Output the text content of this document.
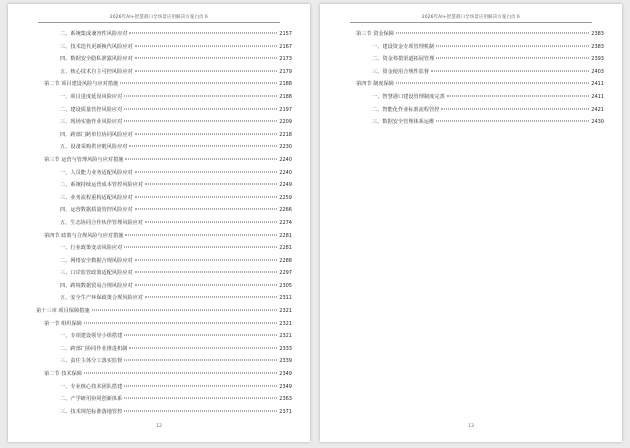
2026年AI+智慧港口全场景应用解决方案白皮书
二、系统集成兼容性风险应对	2157
三、技术迭代更新换代风险应对	2167
四、数据安全隐私泄露风险应对	2173
五、核心技术自主可控风险应对	2179
第二节 项目建设风险与应对措施	2188
一、项目进度延误风险应对	2188
二、建设质量管控风险应对	2197
三、现场实施作业风险应对	2209
四、跨部门跨单位协同风险应对	2218
五、设备采购供应链风险应对	2230
第三节 运营与管理风险与应对措施	2240
一、人员能力业务适配风险应对	2240
二、系统持续运营成本管控风险应对	2249
三、业务流程重构适配风险应对	2259
四、运营数据质量管控风险应对	2266
五、生态协同合作伙伴管理风险应对	2274
第四节 政策与合规风险与应对措施	2281
一、行业政策变动风险应对	2281
二、网络安全数据合规风险应对	2288
三、口岸监管政策适配风险应对	2297
四、跨境数据贸易合规风险应对	2305
五、安全生产环保政策合规风险应对	2311
第十三章 项目保障措施	2321
第一节 组织保障	2321
一、专项建设领导小组搭建	2321
二、跨部门协同作业推进机制	2333
三、责任主体分工落实监督	2339
第二节 技术保障	2349
一、专业核心技术团队搭建	2349
二、产学研用协同创新体系	2363
三、技术规范标准落地管控	2371
12
2026年AI+智慧港口全场景应用解决方案白皮书
第三节 资金保障	2383
一、建设资金专项管理机制	2383
二、资金筹措渠道拓展管理	2393
三、资金使用合规性监督	2403
第四节 制度保障	2411
一、智慧港口建设管理制度完善	2411
二、智能化作业标准流程管控	2421
三、数据安全管理体系运维	2430
13
